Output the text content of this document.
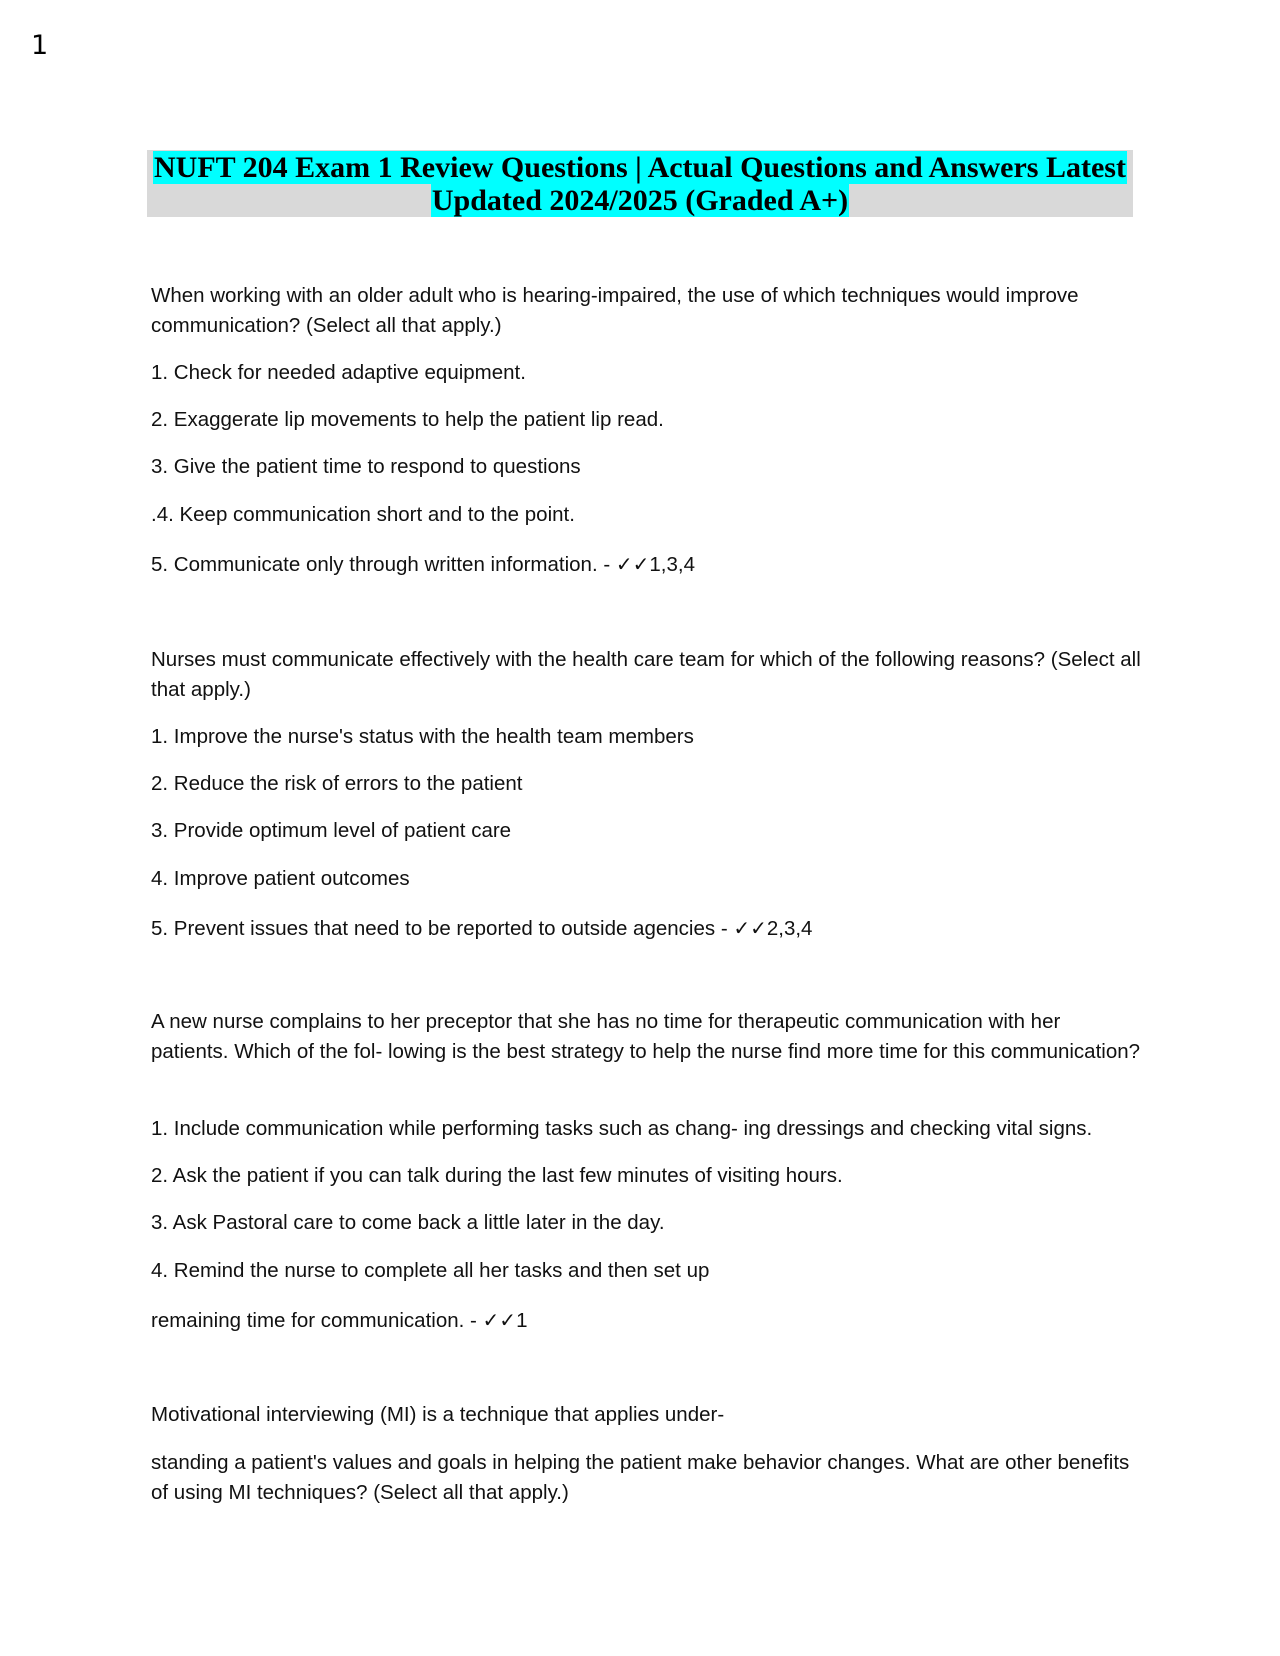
1
NUFT 204 Exam 1 Review Questions | Actual Questions and Answers Latest
Updated 2024/2025 (Graded A+)
When working with an older adult who is hearing-impaired, the use of which techniques would improve communication? (Select all that apply.)
1. Check for needed adaptive equipment.
2. Exaggerate lip movements to help the patient lip read.
3. Give the patient time to respond to questions
.4. Keep communication short and to the point.
5. Communicate only through written information. - ✓✓1,3,4
Nurses must communicate effectively with the health care team for which of the following reasons? (Select all that apply.)
1. Improve the nurse's status with the health team members
2. Reduce the risk of errors to the patient
3. Provide optimum level of patient care
4. Improve patient outcomes
5. Prevent issues that need to be reported to outside agencies - ✓✓2,3,4
A new nurse complains to her preceptor that she has no time for therapeutic communication with her patients. Which of the fol- lowing is the best strategy to help the nurse find more time for this communication?
1. Include communication while performing tasks such as chang- ing dressings and checking vital signs.
2. Ask the patient if you can talk during the last few minutes of visiting hours.
3. Ask Pastoral care to come back a little later in the day.
4. Remind the nurse to complete all her tasks and then set up
remaining time for communication. - ✓✓1
Motivational interviewing (MI) is a technique that applies under-
standing a patient's values and goals in helping the patient make behavior changes. What are other benefits of using MI techniques? (Select all that apply.)
